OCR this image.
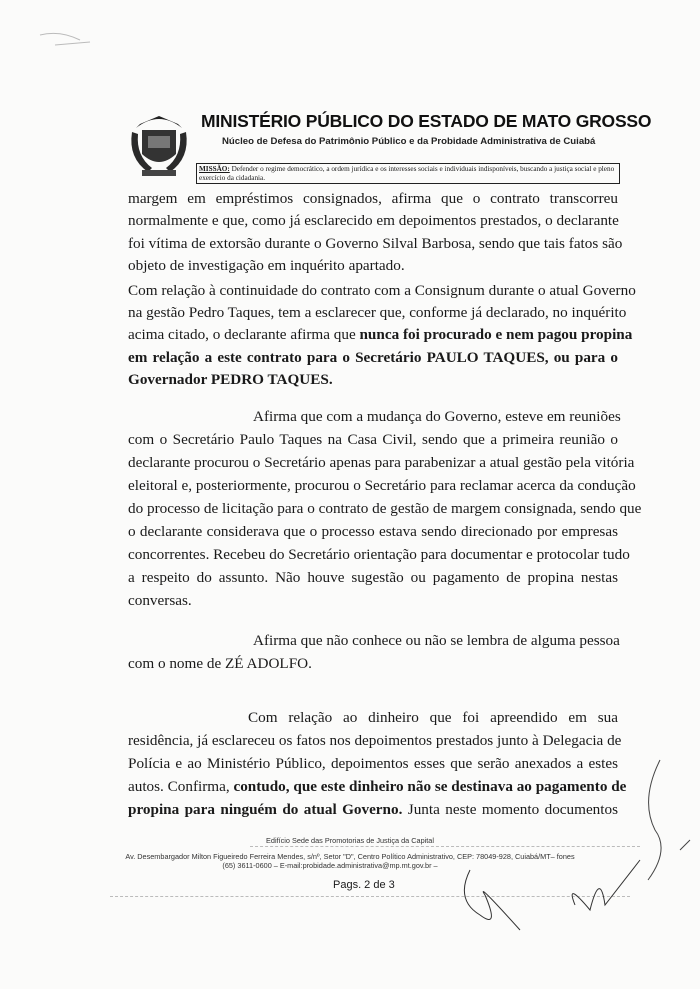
MINISTÉRIO PÚBLICO DO ESTADO DE MATO GROSSO
Núcleo de Defesa do Patrimônio Público e da Probidade Administrativa de Cuiabá
MISSÃO: Defender o regime democrático, a ordem jurídica e os interesses sociais e individuais indisponíveis, buscando a justiça social e pleno exercício da cidadania.
margem em empréstimos consignados, afirma que o contrato transcorreu
normalmente e que, como já esclarecido em depoimentos prestados, o declarante
foi vítima de extorsão durante o Governo Silval Barbosa, sendo que tais fatos são
objeto de investigação em inquérito apartado.
Com relação à continuidade do contrato com a Consignum durante o atual Governo
na gestão Pedro Taques, tem a esclarecer que, conforme já declarado, no inquérito
acima citado, o declarante afirma que nunca foi procurado e nem pagou propina
em relação a este contrato para o Secretário PAULO TAQUES, ou para o
Governador PEDRO TAQUES.
Afirma que com a mudança do Governo, esteve em reuniões
com o Secretário Paulo Taques na Casa Civil, sendo que a primeira reunião o
declarante procurou o Secretário apenas para parabenizar a atual gestão pela vitória
eleitoral e, posteriormente, procurou o Secretário para reclamar acerca da condução
do processo de licitação para o contrato de gestão de margem consignada, sendo que
o declarante considerava que o processo estava sendo direcionado por empresas
concorrentes. Recebeu do Secretário orientação para documentar e protocolar tudo
a respeito do assunto. Não houve sugestão ou pagamento de propina nestas
conversas.
Afirma que não conhece ou não se lembra de alguma pessoa
com o nome de ZÉ ADOLFO.
Com relação ao dinheiro que foi apreendido em sua
residência, já esclareceu os fatos nos depoimentos prestados junto à Delegacia de
Polícia e ao Ministério Público, depoimentos esses que serão anexados a estes
autos. Confirma, contudo, que este dinheiro não se destinava ao pagamento de
propina para ninguém do atual Governo. Junta neste momento documentos
Edifício Sede das Promotorias de Justiça da Capital
Av. Desembargador Milton Figueiredo Ferreira Mendes, s/nº, Setor "D", Centro Político Administrativo, CEP: 78049-928, Cuiabá/MT– fones
(65) 3611-0600 – E-mail:probidade.administrativa@mp.mt.gov.br –
Pags. 2 de 3
